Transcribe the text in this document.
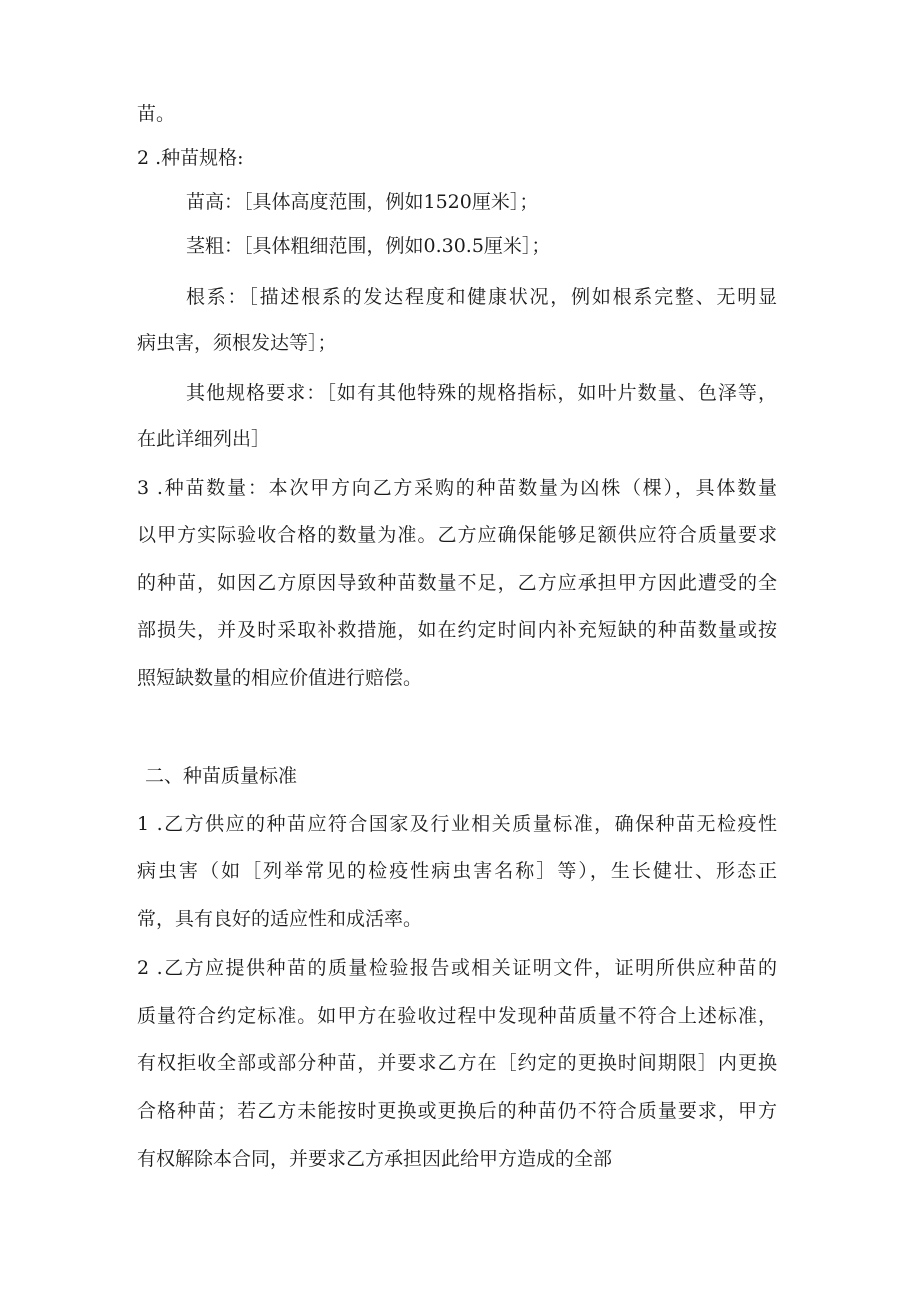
苗。
2 .种苗规格:
苗高：［具体高度范围，例如1520厘米］；
茎粗：［具体粗细范围，例如0.30.5厘米］；
根系：［描述根系的发达程度和健康状况，例如根系完整、无明显
病虫害，须根发达等］；
其他规格要求：［如有其他特殊的规格指标，如叶片数量、色泽等，
在此详细列出］
3 .种苗数量：本次甲方向乙方采购的种苗数量为凶株（棵），具体数量
以甲方实际验收合格的数量为准。乙方应确保能够足额供应符合质量要求
的种苗，如因乙方原因导致种苗数量不足，乙方应承担甲方因此遭受的全
部损失，并及时采取补救措施，如在约定时间内补充短缺的种苗数量或按
照短缺数量的相应价值进行赔偿。
二、种苗质量标准
1 .乙方供应的种苗应符合国家及行业相关质量标准，确保种苗无检疫性
病虫害（如［列举常见的检疫性病虫害名称］等），生长健壮、形态正
常，具有良好的适应性和成活率。
2 .乙方应提供种苗的质量检验报告或相关证明文件，证明所供应种苗的
质量符合约定标准。如甲方在验收过程中发现种苗质量不符合上述标准，
有权拒收全部或部分种苗，并要求乙方在［约定的更换时间期限］内更换
合格种苗；若乙方未能按时更换或更换后的种苗仍不符合质量要求，甲方
有权解除本合同，并要求乙方承担因此给甲方造成的全部
